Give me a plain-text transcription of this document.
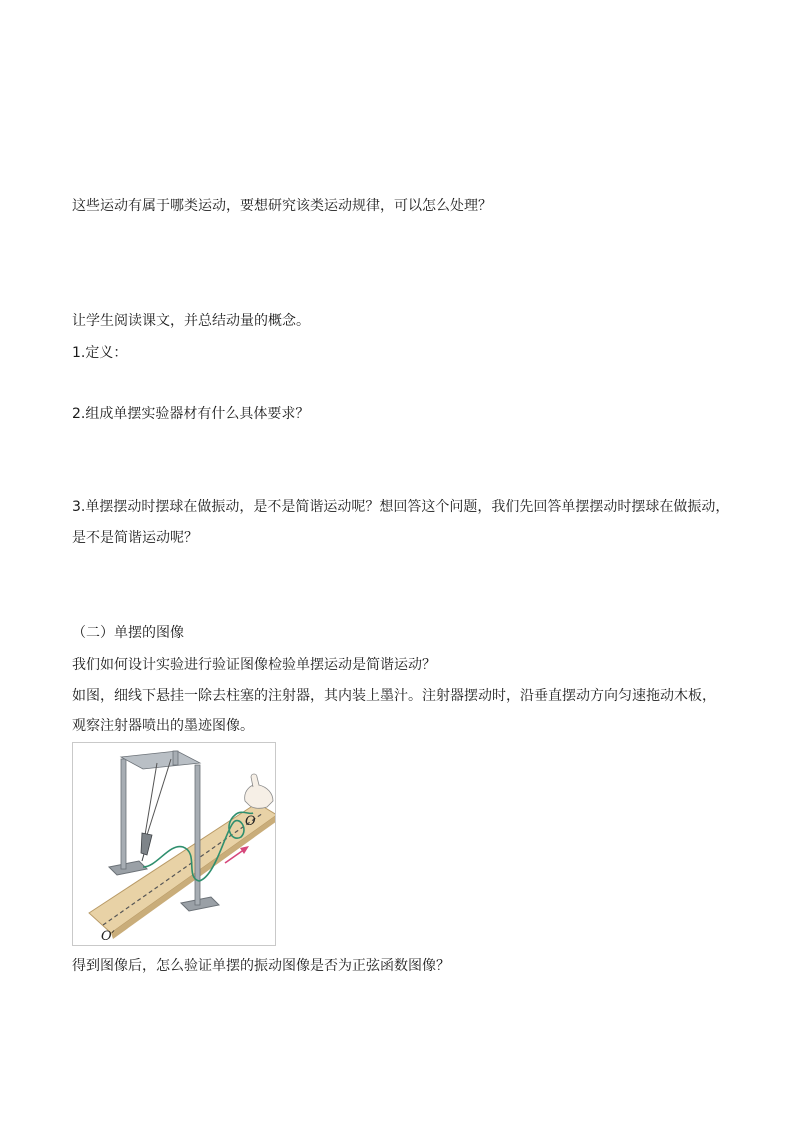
这些运动有属于哪类运动，要想研究该类运动规律，可以怎么处理？
让学生阅读课文，并总结动量的概念。
1.定义：
2.组成单摆实验器材有什么具体要求？
3.单摆摆动时摆球在做振动，是不是简谐运动呢？想回答这个问题，我们先回答单摆摆动时摆球在做振动，
是不是简谐运动呢？
（二）单摆的图像
我们如何设计实验进行验证图像检验单摆运动是简谐运动？
如图，细线下悬挂一除去柱塞的注射器，其内装上墨汁。注射器摆动时，沿垂直摆动方向匀速拖动木板，
观察注射器喷出的墨迹图像。
O
O′
得到图像后，怎么验证单摆的振动图像是否为正弦函数图像？
